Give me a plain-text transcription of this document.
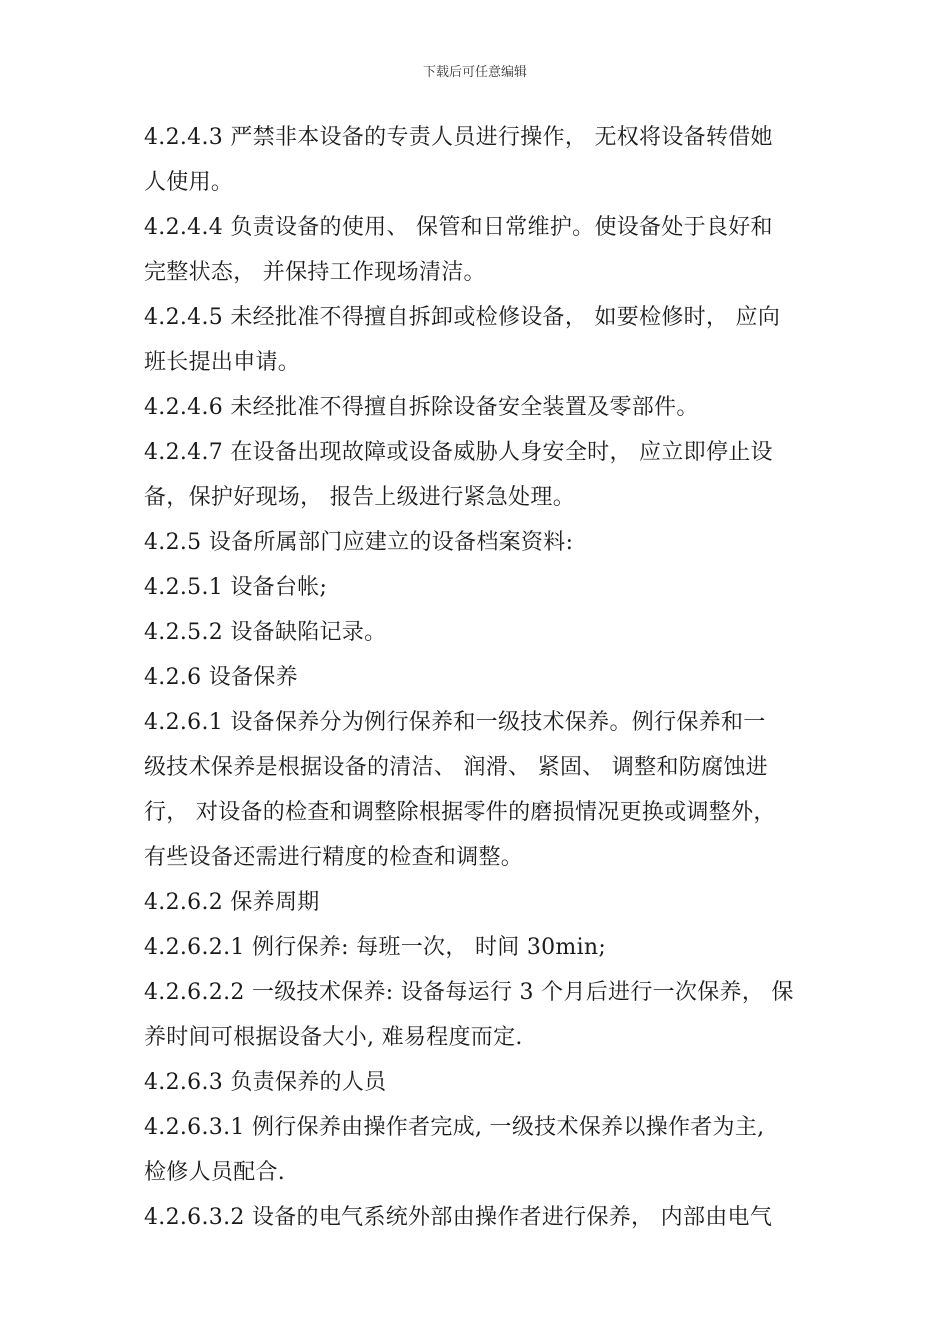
下载后可任意编辑

4.2.4.3 严禁非本设备的专责人员进行操作， 无权将设备转借她

人使用。

4.2.4.4 负责设备的使用、 保管和日常维护。使设备处于良好和

完整状态， 并保持工作现场清洁。

4.2.4.5 未经批准不得擅自拆卸或检修设备， 如要检修时， 应向

班长提出申请。

4.2.4.6 未经批准不得擅自拆除设备安全装置及零部件。

4.2.4.7 在设备出现故障或设备威胁人身安全时， 应立即停止设

备，保护好现场， 报告上级进行紧急处理。

4.2.5 设备所属部门应建立的设备档案资料:

4.2.5.1 设备台帐;

4.2.5.2 设备缺陷记录。

4.2.6 设备保养

4.2.6.1 设备保养分为例行保养和一级技术保养。例行保养和一

级技术保养是根据设备的清洁、 润滑、 紧固、 调整和防腐蚀进

行， 对设备的检查和调整除根据零件的磨损情况更换或调整外，

有些设备还需进行精度的检查和调整。

4.2.6.2 保养周期

4.2.6.2.1 例行保养: 每班一次， 时间 30min;

4.2.6.2.2 一级技术保养: 设备每运行 3 个月后进行一次保养， 保

养时间可根据设备大小, 难易程度而定.

4.2.6.3 负责保养的人员

4.2.6.3.1 例行保养由操作者完成, 一级技术保养以操作者为主,

检修人员配合.

4.2.6.3.2 设备的电气系统外部由操作者进行保养， 内部由电气
